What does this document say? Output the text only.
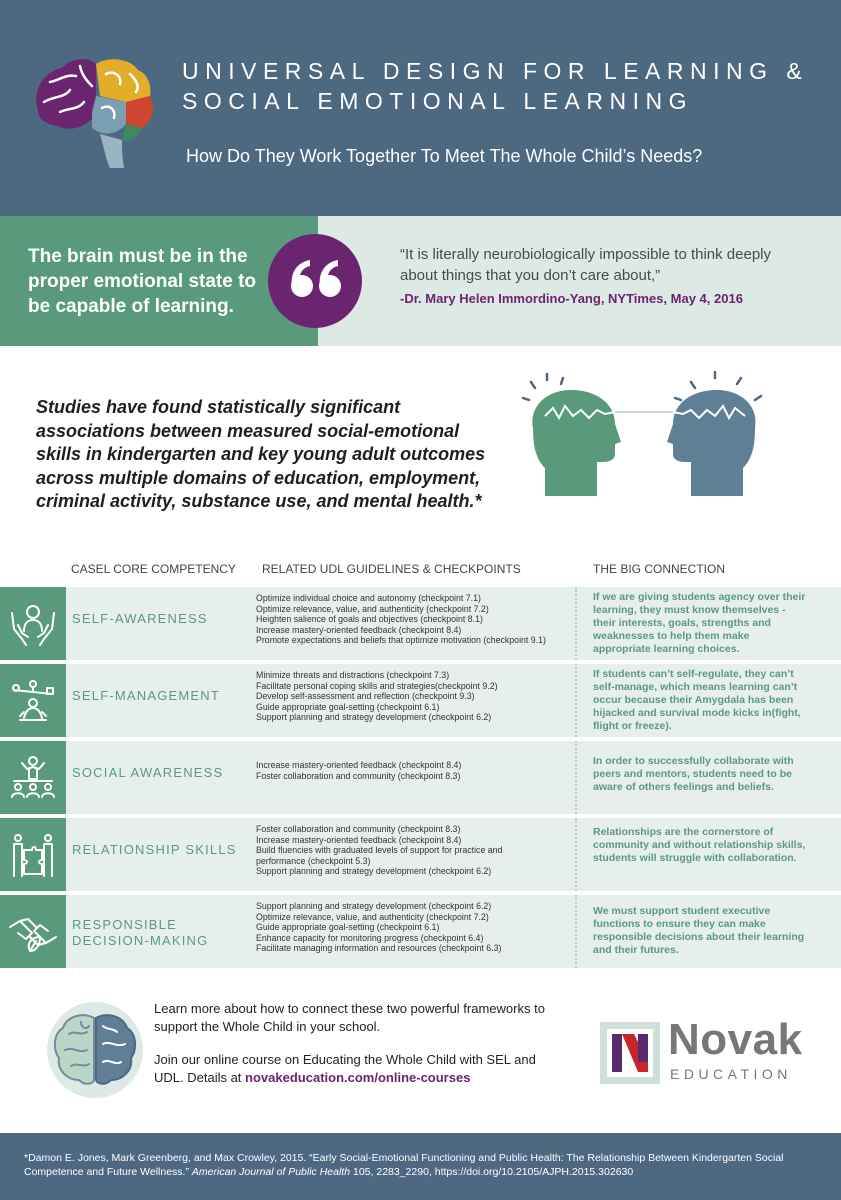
UNIVERSAL DESIGN FOR LEARNING &
SOCIAL EMOTIONAL LEARNING
How Do They Work Together To Meet The Whole Child’s Needs?
The brain must be in the proper emotional state to be capable of learning.
“It is literally neurobiologically impossible to think deeply about things that you don’t care about,”
-Dr. Mary Helen Immordino-Yang, NYTimes, May 4, 2016
Studies have found statistically significant associations between measured social-emotional skills in kindergarten and key young adult outcomes across multiple domains of education, employment, criminal activity, substance use, and mental health.*
CASEL CORE COMPETENCY RELATED UDL GUIDELINES & CHECKPOINTS	THE BIG CONNECTION
SELF-AWARENESS
Optimize individual choice and autonomy (checkpoint 7.1)
Optimize relevance, value, and authenticity (checkpoint 7.2)
Heighten salience of goals and objectives (checkpoint 8.1)
Increase mastery-oriented feedback (checkpoint 8.4)
Promote expectations and beliefs that optimize motivation (checkpoint 9.1)
If we are giving students agency over their learning, they must know themselves - their interests, goals, strengths and weaknesses to help them make appropriate learning choices.
SELF-MANAGEMENT
Minimize threats and distractions (checkpoint 7.3)
Facilitate personal coping skills and strategies(checkpoint 9.2)
Develop self-assessment and reflection (checkpoint 9.3)
Guide appropriate goal-setting (checkpoint 6.1)
Support planning and strategy development (checkpoint 6.2)
If students can’t self-regulate, they can’t self-manage, which means learning can’t occur because their Amygdala has been hijacked and survival mode kicks in(fight, flight or freeze).
SOCIAL AWARENESS	Increase mastery-oriented feedback (checkpoint 8.4)
Foster collaboration and community (checkpoint 8.3)
In order to successfully collaborate with peers and mentors, students need to be aware of others feelings and beliefs.
RELATIONSHIP SKILLS
Foster collaboration and community (checkpoint 8.3)
Increase mastery-oriented feedback (checkpoint 8.4)
Build fluencies with graduated levels of support for practice and
performance (checkpoint 5.3)
Support planning and strategy development (checkpoint 6.2)
Relationships are the cornerstore of community and without relationship skills, students will struggle with collaboration.
RESPONSIBLE
DECISION-MAKING
Support planning and strategy development (checkpoint 6.2)
Optimize relevance, value, and authenticity (checkpoint 7.2)
Guide appropriate goal-setting (checkpoint 6.1)
Enhance capacity for monitoring progress (checkpoint 6.4)
Facilitate managing information and resources (checkpoint 6.3)
We must support student executive functions to ensure they can make responsible decisions about their learning and their futures.
Learn more about how to connect these two powerful frameworks to support the Whole Child in your school.
Join our online course on Educating the Whole Child with SEL and UDL. Details at novakeducation.com/online-courses
Novak
EDUCATION
*Damon E. Jones, Mark Greenberg, and Max Crowley, 2015. “Early Social-Emotional Functioning and Public Health: The Relationship Between Kindergarten Social Competence and Future Wellness.” American Journal of Public Health 105, 2283_2290, https://doi.org/10.2105/AJPH.2015.302630
